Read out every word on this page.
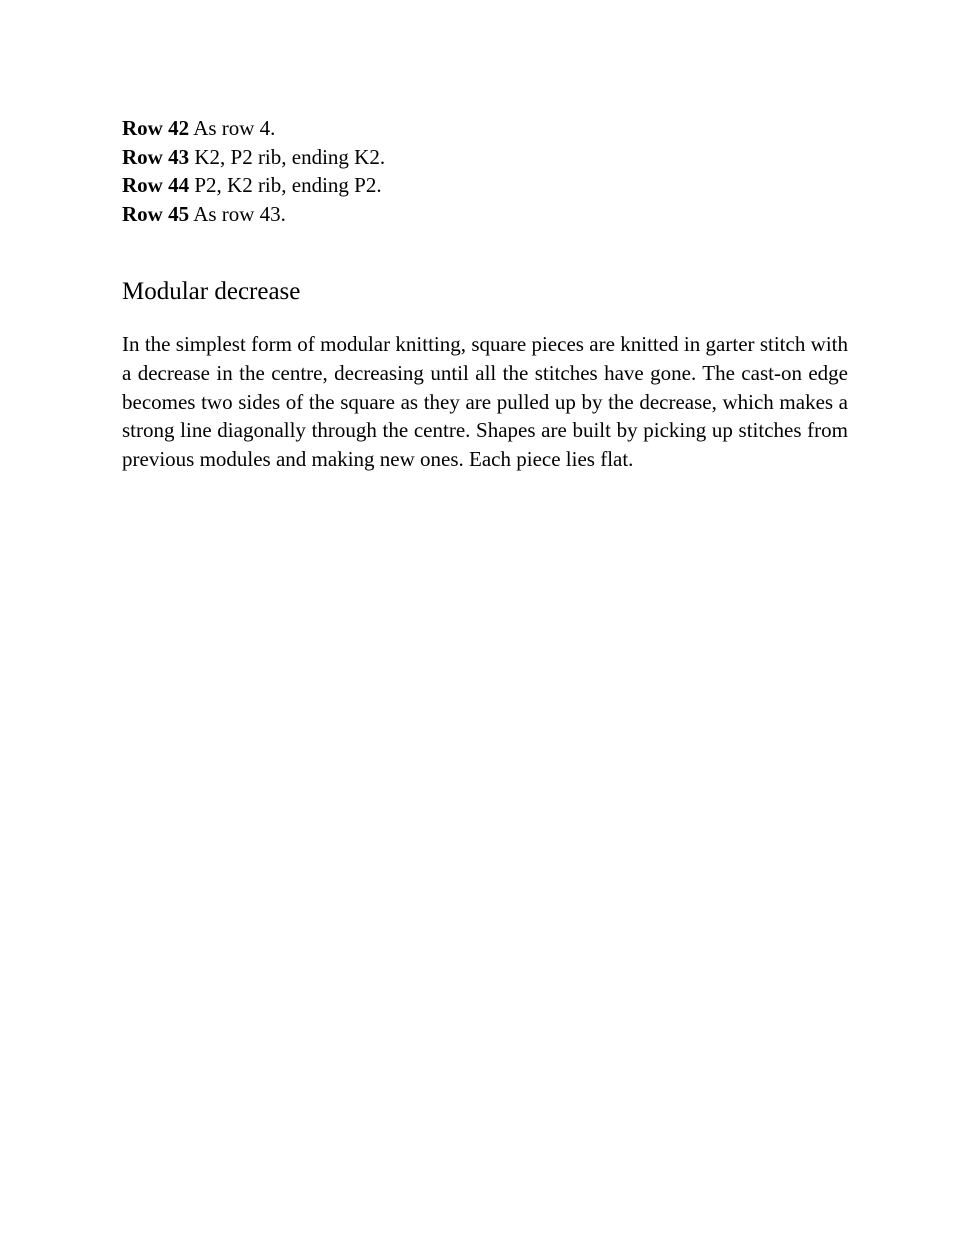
Row 42 As row 4.
Row 43 K2, P2 rib, ending K2.
Row 44 P2, K2 rib, ending P2.
Row 45 As row 43.
Modular decrease

In the simplest form of modular knitting, square pieces are knitted in garter stitch with a decrease in the centre, decreasing until all the stitches have gone. The cast-on edge becomes two sides of the square as they are pulled up by the decrease, which makes a strong line diagonally through the centre. Shapes are built by picking up stitches from previous modules and making new ones. Each piece lies flat.
